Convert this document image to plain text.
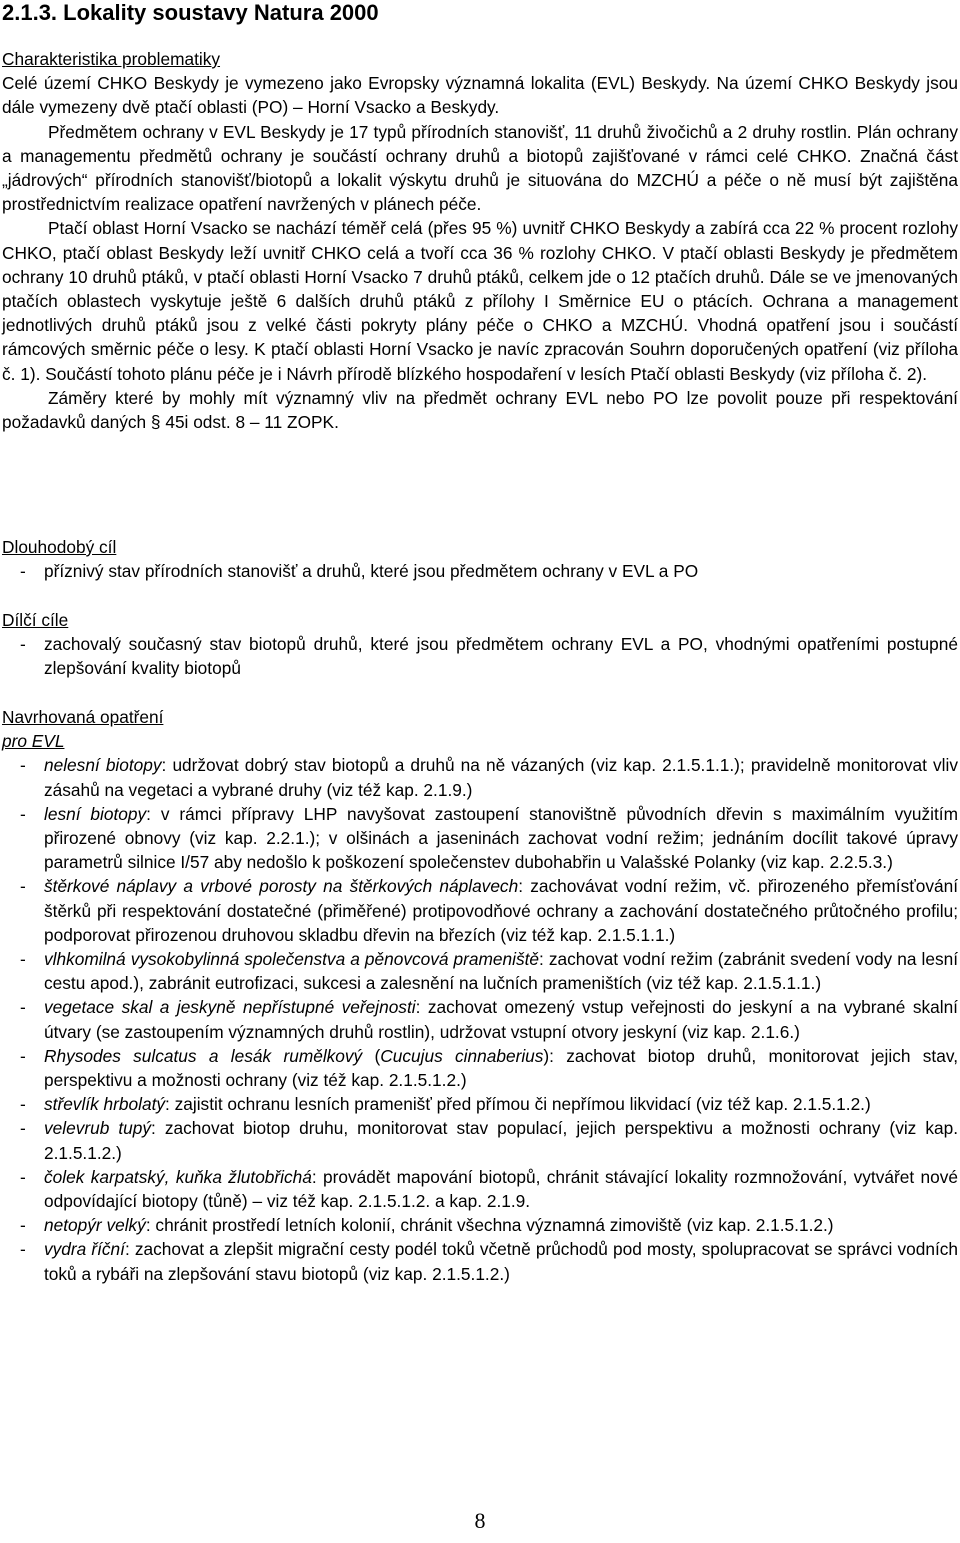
2.1.3. Lokality soustavy Natura 2000
Charakteristika problematiky
Celé území CHKO Beskydy je vymezeno jako Evropsky významná lokalita (EVL) Beskydy. Na území CHKO Beskydy jsou dále vymezeny dvě ptačí oblasti (PO) – Horní Vsacko a Beskydy.
Předmětem ochrany v EVL Beskydy je 17 typů přírodních stanovišť, 11 druhů živočichů a 2 druhy rostlin. Plán ochrany a managementu předmětů ochrany je součástí ochrany druhů a biotopů zajišťované v rámci celé CHKO. Značná část „jádrových“ přírodních stanovišť/biotopů a lokalit výskytu druhů je situována do MZCHÚ a péče o ně musí být zajištěna prostřednictvím realizace opatření navržených v plánech péče.
Ptačí oblast Horní Vsacko se nachází téměř celá (přes 95 %) uvnitř CHKO Beskydy a zabírá cca 22 % procent rozlohy CHKO, ptačí oblast Beskydy leží uvnitř CHKO celá a tvoří cca 36 % rozlohy CHKO. V ptačí oblasti Beskydy je předmětem ochrany 10 druhů ptáků, v ptačí oblasti Horní Vsacko 7 druhů ptáků, celkem jde o 12 ptačích druhů. Dále se ve jmenovaných ptačích oblastech vyskytuje ještě 6 dalších druhů ptáků z přílohy I Směrnice EU o ptácích. Ochrana a management jednotlivých druhů ptáků jsou z velké části pokryty plány péče o CHKO a MZCHÚ. Vhodná opatření jsou i součástí rámcových směrnic péče o lesy. K ptačí oblasti Horní Vsacko je navíc zpracován Souhrn doporučených opatření (viz příloha č. 1). Součástí tohoto plánu péče je i Návrh přírodě blízkého hospodaření v lesích Ptačí oblasti Beskydy (viz příloha č. 2).
Záměry které by mohly mít významný vliv na předmět ochrany EVL nebo PO lze povolit pouze při respektování požadavků daných § 45i odst. 8 – 11 ZOPK.
Dlouhodobý cíl
- příznivý stav přírodních stanovišť a druhů, které jsou předmětem ochrany v EVL a PO
Dílčí cíle
- zachovalý současný stav biotopů druhů, které jsou předmětem ochrany EVL a PO, vhodnými opatřeními postupné zlepšování kvality biotopů
Navrhovaná opatření
pro EVL
- nelesní biotopy: udržovat dobrý stav biotopů a druhů na ně vázaných (viz kap. 2.1.5.1.1.); pravidelně monitorovat vliv zásahů na vegetaci a vybrané druhy (viz též kap. 2.1.9.)
- lesní biotopy: v rámci přípravy LHP navyšovat zastoupení stanovištně původních dřevin s maximálním využitím přirozené obnovy (viz kap. 2.2.1.); v olšinách a jaseninách zachovat vodní režim; jednáním docílit takové úpravy parametrů silnice I/57 aby nedošlo k poškození společenstev dubohabřin u Valašské Polanky (viz kap. 2.2.5.3.)
- štěrkové náplavy a vrbové porosty na štěrkových náplavech: zachovávat vodní režim, vč. přirozeného přemísťování štěrků při respektování dostatečné (přiměřené) protipovodňové ochrany a zachování dostatečného průtočného profilu; podporovat přirozenou druhovou skladbu dřevin na březích (viz též kap. 2.1.5.1.1.)
- vlhkomilná vysokobylinná společenstva a pěnovcová prameniště: zachovat vodní režim (zabránit svedení vody na lesní cestu apod.), zabránit eutrofizaci, sukcesi a zalesnění na lučních prameništích (viz též kap. 2.1.5.1.1.)
- vegetace skal a jeskyně nepřístupné veřejnosti: zachovat omezený vstup veřejnosti do jeskyní a na vybrané skalní útvary (se zastoupením významných druhů rostlin), udržovat vstupní otvory jeskyní (viz kap. 2.1.6.)
- Rhysodes sulcatus a lesák rumělkový (Cucujus cinnaberius): zachovat biotop druhů, monitorovat jejich stav, perspektivu a možnosti ochrany (viz též kap. 2.1.5.1.2.)
- střevlík hrbolatý: zajistit ochranu lesních pramenišť před přímou či nepřímou likvidací (viz též kap. 2.1.5.1.2.)
- velevrub tupý: zachovat biotop druhu, monitorovat stav populací, jejich perspektivu a možnosti ochrany (viz kap. 2.1.5.1.2.)
- čolek karpatský, kuňka žlutobřichá: provádět mapování biotopů, chránit stávající lokality rozmnožování, vytvářet nové odpovídající biotopy (tůně) – viz též kap. 2.1.5.1.2. a kap. 2.1.9.
- netopýr velký: chránit prostředí letních kolonií, chránit všechna významná zimoviště (viz kap. 2.1.5.1.2.)
- vydra říční: zachovat a zlepšit migrační cesty podél toků včetně průchodů pod mosty, spolupracovat se správci vodních toků a rybáři na zlepšování stavu biotopů (viz kap. 2.1.5.1.2.)
8
